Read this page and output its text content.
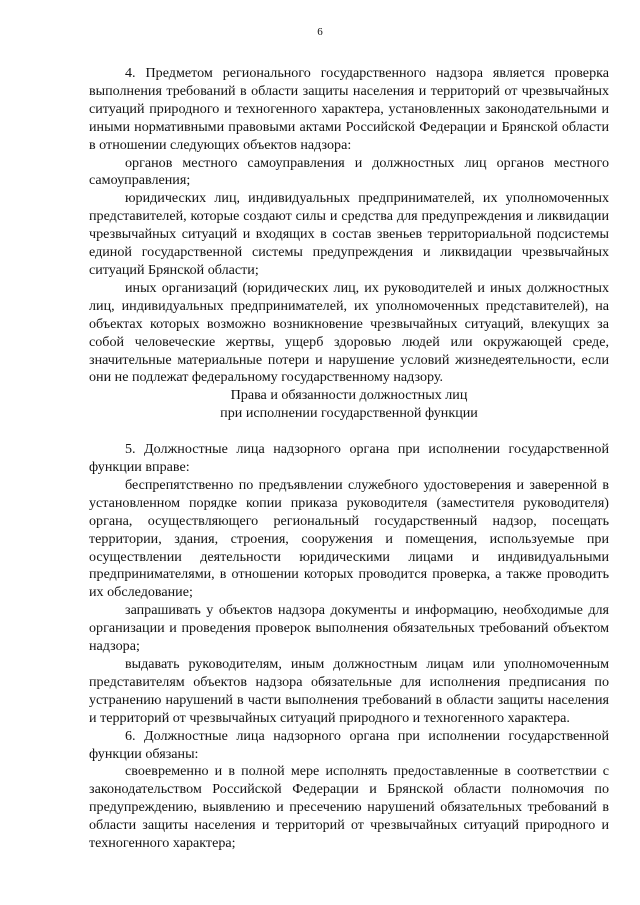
6

4. Предметом регионального государственного надзора является проверка выполнения требований в области защиты населения и территорий от чрезвычайных ситуаций природного и техногенного характера, установленных законодательными и иными нормативными правовыми актами Российской Федерации и Брянской области в отношении следующих объектов надзора:

органов местного самоуправления и должностных лиц органов местного самоуправления;

юридических лиц, индивидуальных предпринимателей, их уполномоченных представителей, которые создают силы и средства для предупреждения и ликвидации чрезвычайных ситуаций и входящих в состав звеньев территориальной подсистемы единой государственной системы предупреждения и ликвидации чрезвычайных ситуаций Брянской области;

иных организаций (юридических лиц, их руководителей и иных должностных лиц, индивидуальных предпринимателей, их уполномоченных представителей), на объектах которых возможно возникновение чрезвычайных ситуаций, влекущих за собой человеческие жертвы, ущерб здоровью людей или окружающей среде, значительные материальные потери и нарушение условий жизнедеятельности, если они не подлежат федеральному государственному надзору.

Права и обязанности должностных лиц

при исполнении государственной функции

5. Должностные лица надзорного органа при исполнении государственной функции вправе:

беспрепятственно по предъявлении служебного удостоверения и заверенной в установленном порядке копии приказа руководителя (заместителя руководителя) органа, осуществляющего региональный государственный надзор, посещать территории, здания, строения, сооружения и помещения, используемые при осуществлении деятельности юридическими лицами и индивидуальными предпринимателями, в отношении которых проводится проверка, а также проводить их обследование;

запрашивать у объектов надзора документы и информацию, необходимые для организации и проведения проверок выполнения обязательных требований объектом надзора;

выдавать руководителям, иным должностным лицам или уполномоченным представителям объектов надзора обязательные для исполнения предписания по устранению нарушений в части выполнения требований в области защиты населения и территорий от чрезвычайных ситуаций природного и техногенного характера.

6. Должностные лица надзорного органа при исполнении государственной функции обязаны:

своевременно и в полной мере исполнять предоставленные в соответствии с законодательством Российской Федерации и Брянской области полномочия по предупреждению, выявлению и пресечению нарушений обязательных требований в области защиты населения и территорий от чрезвычайных ситуаций природного и техногенного характера;
